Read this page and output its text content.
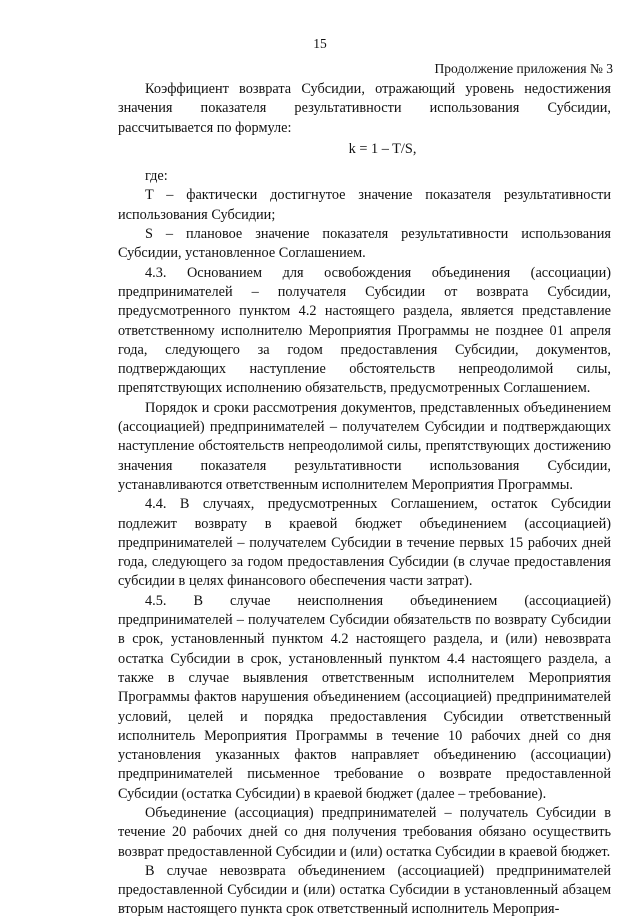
15
Продолжение приложения № 3

Коэффициент возврата Субсидии, отражающий уровень недостижения значения показателя результативности использования Субсидии, рассчитывается по формуле:

k = 1 – T/S,

где:

T – фактически достигнутое значение показателя результативности использования Субсидии;

S – плановое значение показателя результативности использования Субсидии, установленное Соглашением.

4.3. Основанием для освобождения объединения (ассоциации) предпринимателей – получателя Субсидии от возврата Субсидии, предусмотренного пунктом 4.2 настоящего раздела, является представление ответственному исполнителю Мероприятия Программы не позднее 01 апреля года, следующего за годом предоставления Субсидии, документов, подтверждающих наступление обстоятельств непреодолимой силы, препятствующих исполнению обязательств, предусмотренных Соглашением.

Порядок и сроки рассмотрения документов, представленных объединением (ассоциацией) предпринимателей – получателем Субсидии и подтверждающих наступление обстоятельств непреодолимой силы, препятствующих достижению значения показателя результативности использования Субсидии, устанавливаются ответственным исполнителем Мероприятия Программы.

4.4. В случаях, предусмотренных Соглашением, остаток Субсидии подлежит возврату в краевой бюджет объединением (ассоциацией) предпринимателей – получателем Субсидии в течение первых 15 рабочих дней года, следующего за годом предоставления Субсидии (в случае предоставления субсидии в целях финансового обеспечения части затрат).

4.5. В случае неисполнения объединением (ассоциацией) предпринимателей – получателем Субсидии обязательств по возврату Субсидии в срок, установленный пунктом 4.2 настоящего раздела, и (или) невозврата остатка Субсидии в срок, установленный пунктом 4.4 настоящего раздела, а также в случае выявления ответственным исполнителем Мероприятия Программы фактов нарушения объединением (ассоциацией) предпринимателей условий, целей и порядка предоставления Субсидии ответственный исполнитель Мероприятия Программы в течение 10 рабочих дней со дня установления указанных фактов направляет объединению (ассоциации) предпринимателей письменное требование о возврате предоставленной Субсидии (остатка Субсидии) в краевой бюджет (далее – требование).

Объединение (ассоциация) предпринимателей – получатель Субсидии в течение 20 рабочих дней со дня получения требования обязано осуществить возврат предоставленной Субсидии и (или) остатка Субсидии в краевой бюджет.

В случае невозврата объединением (ассоциацией) предпринимателей предоставленной Субсидии и (или) остатка Субсидии в установленный абзацем вторым настоящего пункта срок ответственный исполнитель Мероприя-
